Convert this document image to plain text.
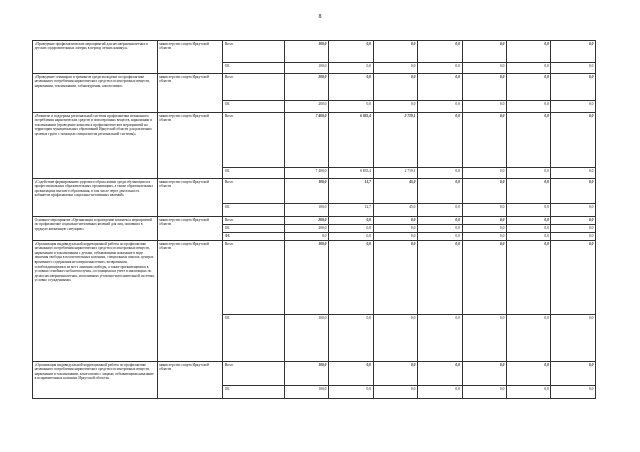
8
«Проведение профилактических мероприятий для несовершеннолетних в детских оздоровительных лагерях в период летних каникул»	министерство спорта Иркутской области	Всего	100,0	0,0	0,0	0,0	0,0	0,0	0,0
		ОБ	100,0	0,0	0,0	0,0	0,0	0,0	0,0
«Проведение семинаров и тренингов среди молодежи по профилактике незаконного потребления наркотических средств и психотропных веществ, наркомании, токсикомании, табакокурения, алкоголизма»	министерство спорта Иркутской области	Всего	200,0	0,0	0,0	0,0	0,0	0,0	0,0
		ОБ	200,0	0,0	0,0	0,0	0,0	0,0	0,0
«Развитие и поддержка региональной системы профилактики незаконного потребления наркотических средств и психотропных веществ, наркомании и токсикомании (проведение комплекса профилактических мероприятий на территории муниципальных образований Иркутской области для различных целевых групп с помощью специалистов региональной системы)»	министерство спорта Иркутской области	Всего	7 400,0	6 835,4	2 719,1	0,0	0,0	0,0	0,0
		ОБ	7 400,0	6 835,4	2 719,1	0,0	0,0	0,0	0,0
«Содействие формированию здорового образа жизни среди обучающихся в профессиональных образовательных организациях, а также образовательных организациях высшего образования, в том числе через деятельность кабинетов профилактики социально-негативных явлений»	министерство спорта Иркутской области	Всего	100,0	12,7	45,0	0,0	0,0	0,0	0,0
		ОБ	100,0	12,7	45,0	0,0	0,0	0,0	0,0
Основное мероприятие «Организация и проведение комплекса мероприятий по профилактике социально-негативных явлений для лиц, попавших в трудную жизненную ситуацию»	министерство спорта Иркутской области	Всего	200,0	0,0	0,0	0,0	0,0	0,0	0,0
		ОБ	200,0	0,0	0,0	0,0	0,0	0,0	0,0
		ФБ	0,0	0,0	0,0	0,0	0,0	0,0	0,0
«Организация индивидуальной коррекционной работы по профилактике незаконного потребления наркотических средств и психотропных веществ, наркомании и токсикомании с детьми, отбывающими наказание в виде лишения свободы в воспитательных колониях, специальных школах, центрах временного содержания несовершеннолетних, возвратными, освобождающимися из мест лишения свободы, а также признающимися в условиях семейного неблагополучия, состоящими на учете в инспекциях по делам несовершеннолетних, исполнениях уголовно-исполнительной системы, условно осужденными»	министерство спорта Иркутской области	Всего	100,0	0,0	0,0	0,0	0,0	0,0	0,0
		ОБ	100,0	0,0	0,0	0,0	0,0	0,0	0,0
«Организация индивидуальной коррекционной работы по профилактике незаконного потребления наркотических средств и психотропных веществ, наркомании и токсикомании, алкоголизма с лицами, отбывающими наказание в исправительных колониях Иркутской области»	министерство спорта Иркутской области	Всего	100,0	0,0	0,0	0,0	0,0	0,0	0,0
		ОБ	100,0	0,0	0,0	0,0	0,0	0,0	0,0
